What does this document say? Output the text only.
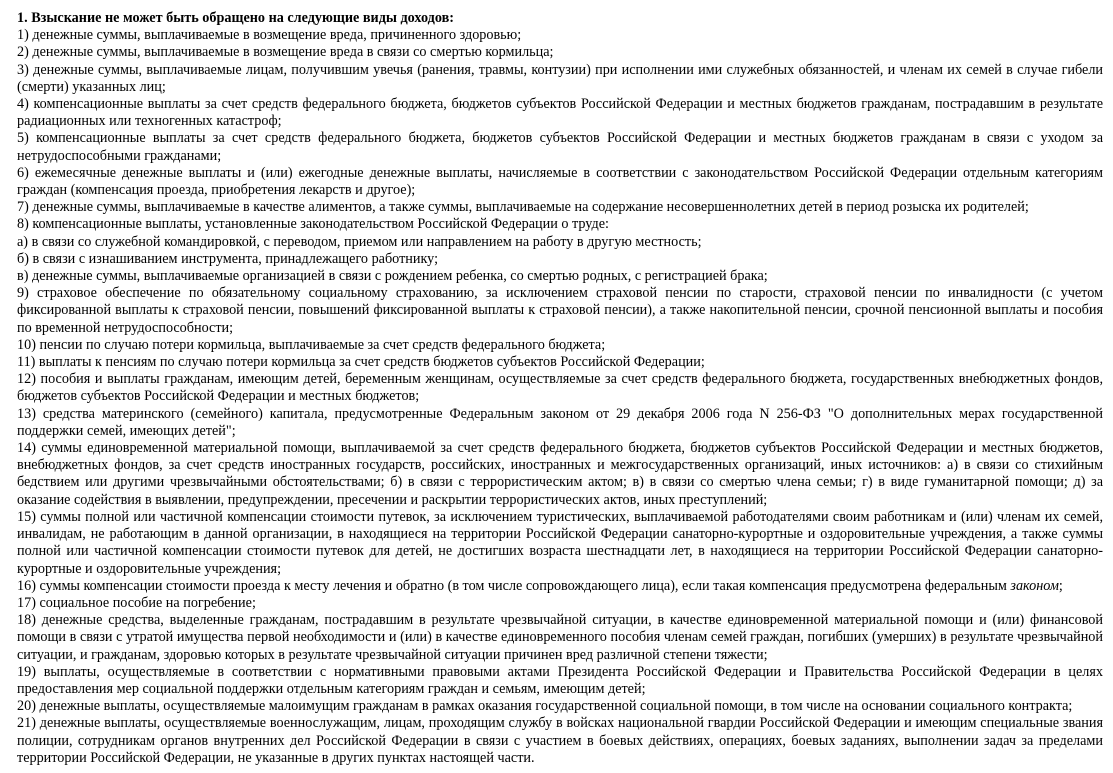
1. Взыскание не может быть обращено на следующие виды доходов:

1) денежные суммы, выплачиваемые в возмещение вреда, причиненного здоровью;

2) денежные суммы, выплачиваемые в возмещение вреда в связи со смертью кормильца;

3) денежные суммы, выплачиваемые лицам, получившим увечья (ранения, травмы, контузии) при исполнении ими служебных обязанностей, и членам их семей в случае гибели (смерти) указанных лиц;

4) компенсационные выплаты за счет средств федерального бюджета, бюджетов субъектов Российской Федерации и местных бюджетов гражданам, пострадавшим в результате радиационных или техногенных катастроф;

5) компенсационные выплаты за счет средств федерального бюджета, бюджетов субъектов Российской Федерации и местных бюджетов гражданам в связи с уходом за нетрудоспособными гражданами;

6) ежемесячные денежные выплаты и (или) ежегодные денежные выплаты, начисляемые в соответствии с законодательством Российской Федерации отдельным категориям граждан (компенсация проезда, приобретения лекарств и другое);

7) денежные суммы, выплачиваемые в качестве алиментов, а также суммы, выплачиваемые на содержание несовершеннолетних детей в период розыска их родителей;

8) компенсационные выплаты, установленные законодательством Российской Федерации о труде:

а) в связи со служебной командировкой, с переводом, приемом или направлением на работу в другую местность;

б) в связи с изнашиванием инструмента, принадлежащего работнику;

в) денежные суммы, выплачиваемые организацией в связи с рождением ребенка, со смертью родных, с регистрацией брака;

9) страховое обеспечение по обязательному социальному страхованию, за исключением страховой пенсии по старости, страховой пенсии по инвалидности (с учетом фиксированной выплаты к страховой пенсии, повышений фиксированной выплаты к страховой пенсии), а также накопительной пенсии, срочной пенсионной выплаты и пособия по временной нетрудоспособности;

10) пенсии по случаю потери кормильца, выплачиваемые за счет средств федерального бюджета;

11) выплаты к пенсиям по случаю потери кормильца за счет средств бюджетов субъектов Российской Федерации;

12) пособия и выплаты гражданам, имеющим детей, беременным женщинам, осуществляемые за счет средств федерального бюджета, государственных внебюджетных фондов, бюджетов субъектов Российской Федерации и местных бюджетов;

13) средства материнского (семейного) капитала, предусмотренные Федеральным законом от 29 декабря 2006 года N 256-ФЗ "О дополнительных мерах государственной поддержки семей, имеющих детей";

14) суммы единовременной материальной помощи, выплачиваемой за счет средств федерального бюджета, бюджетов субъектов Российской Федерации и местных бюджетов, внебюджетных фондов, за счет средств иностранных государств, российских, иностранных и межгосударственных организаций, иных источников: а) в связи со стихийным бедствием или другими чрезвычайными обстоятельствами; б) в связи с террористическим актом; в) в связи со смертью члена семьи; г) в виде гуманитарной помощи; д) за оказание содействия в выявлении, предупреждении, пресечении и раскрытии террористических актов, иных преступлений;

15) суммы полной или частичной компенсации стоимости путевок, за исключением туристических, выплачиваемой работодателями своим работникам и (или) членам их семей, инвалидам, не работающим в данной организации, в находящиеся на территории Российской Федерации санаторно-курортные и оздоровительные учреждения, а также суммы полной или частичной компенсации стоимости путевок для детей, не достигших возраста шестнадцати лет, в находящиеся на территории Российской Федерации санаторно-курортные и оздоровительные учреждения;

16) суммы компенсации стоимости проезда к месту лечения и обратно (в том числе сопровождающего лица), если такая компенсация предусмотрена федеральным законом;

17) социальное пособие на погребение;

18) денежные средства, выделенные гражданам, пострадавшим в результате чрезвычайной ситуации, в качестве единовременной материальной помощи и (или) финансовой помощи в связи с утратой имущества первой необходимости и (или) в качестве единовременного пособия членам семей граждан, погибших (умерших) в результате чрезвычайной ситуации, и гражданам, здоровью которых в результате чрезвычайной ситуации причинен вред различной степени тяжести;

19) выплаты, осуществляемые в соответствии с нормативными правовыми актами Президента Российской Федерации и Правительства Российской Федерации в целях предоставления мер социальной поддержки отдельным категориям граждан и семьям, имеющим детей;

20) денежные выплаты, осуществляемые малоимущим гражданам в рамках оказания государственной социальной помощи, в том числе на основании социального контракта;

21) денежные выплаты, осуществляемые военнослужащим, лицам, проходящим службу в войсках национальной гвардии Российской Федерации и имеющим специальные звания полиции, сотрудникам органов внутренних дел Российской Федерации в связи с участием в боевых действиях, операциях, боевых заданиях, выполнении задач за пределами территории Российской Федерации, не указанные в других пунктах настоящей части.
